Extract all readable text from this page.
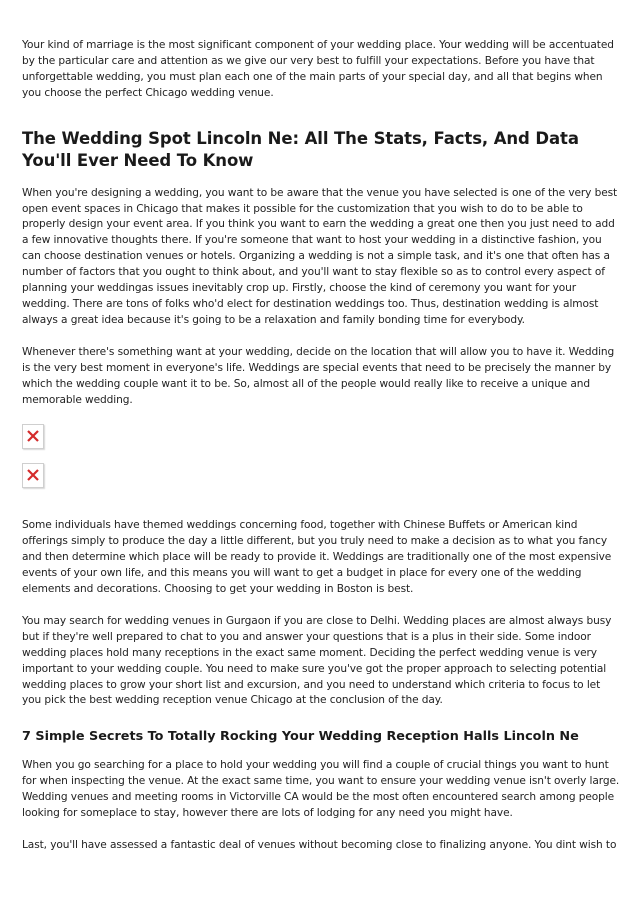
Your kind of marriage is the most significant component of your wedding place. Your wedding will be accentuated by the particular care and attention as we give our very best to fulfill your expectations. Before you have that unforgettable wedding, you must plan each one of the main parts of your special day, and all that begins when you choose the perfect Chicago wedding venue.

The Wedding Spot Lincoln Ne: All The Stats, Facts, And Data You'll Ever Need To Know

When you're designing a wedding, you want to be aware that the venue you have selected is one of the very best open event spaces in Chicago that makes it possible for the customization that you wish to do to be able to properly design your event area. If you think you want to earn the wedding a great one then you just need to add a few innovative thoughts there. If you're someone that want to host your wedding in a distinctive fashion, you can choose destination venues or hotels. Organizing a wedding is not a simple task, and it's one that often has a number of factors that you ought to think about, and you'll want to stay flexible so as to control every aspect of planning your weddingas issues inevitably crop up. Firstly, choose the kind of ceremony you want for your wedding. There are tons of folks who'd elect for destination weddings too. Thus, destination wedding is almost always a great idea because it's going to be a relaxation and family bonding time for everybody.

Whenever there's something want at your wedding, decide on the location that will allow you to have it. Wedding is the very best moment in everyone's life. Weddings are special events that need to be precisely the manner by which the wedding couple want it to be. So, almost all of the people would really like to receive a unique and memorable wedding.

Some individuals have themed weddings concerning food, together with Chinese Buffets or American kind offerings simply to produce the day a little different, but you truly need to make a decision as to what you fancy and then determine which place will be ready to provide it. Weddings are traditionally one of the most expensive events of your own life, and this means you will want to get a budget in place for every one of the wedding elements and decorations. Choosing to get your wedding in Boston is best.

You may search for wedding venues in Gurgaon if you are close to Delhi. Wedding places are almost always busy but if they're well prepared to chat to you and answer your questions that is a plus in their side. Some indoor wedding places hold many receptions in the exact same moment. Deciding the perfect wedding venue is very important to your wedding couple. You need to make sure you've got the proper approach to selecting potential wedding places to grow your short list and excursion, and you need to understand which criteria to focus to let you pick the best wedding reception venue Chicago at the conclusion of the day.

7 Simple Secrets To Totally Rocking Your Wedding Reception Halls Lincoln Ne

When you go searching for a place to hold your wedding you will find a couple of crucial things you want to hunt for when inspecting the venue. At the exact same time, you want to ensure your wedding venue isn't overly large. Wedding venues and meeting rooms in Victorville CA would be the most often encountered search among people looking for someplace to stay, however there are lots of lodging for any need you might have.

Last, you'll have assessed a fantastic deal of venues without becoming close to finalizing anyone. You dint wish to
